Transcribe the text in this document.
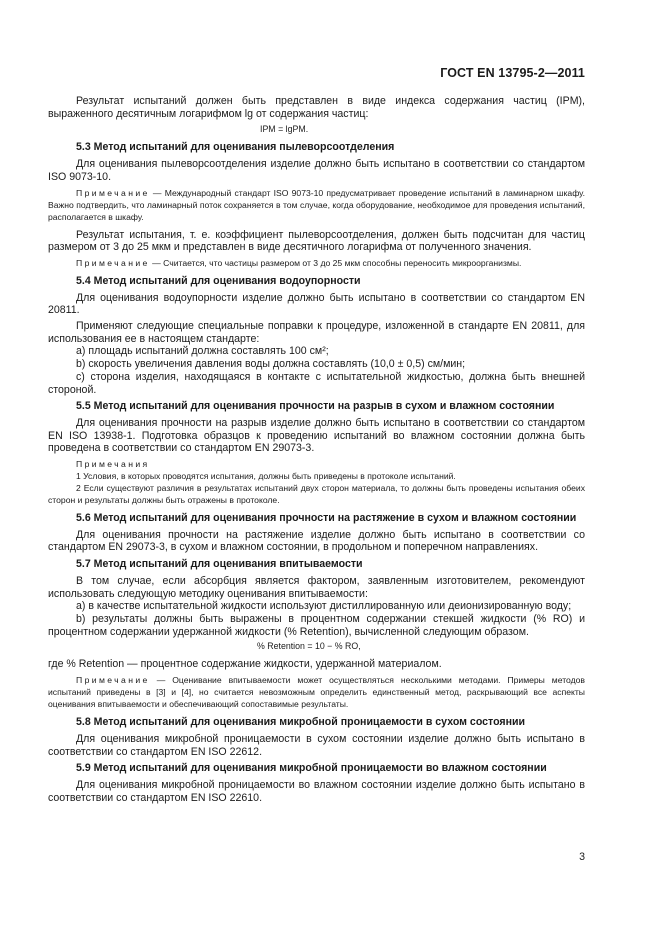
ГОСТ EN 13795-2—2011

Результат испытаний должен быть представлен в виде индекса содержания частиц (IPM), выраженного десятичным логарифмом lg от содержания частиц:

IPM = lgPM.

5.3 Метод испытаний для оценивания пылеворсоотделения

Для оценивания пылеворсоотделения изделие должно быть испытано в соответствии со стандартом ISO 9073-10.

Примечание — Международный стандарт ISO 9073-10 предусматривает проведение испытаний в ламинарном шкафу. Важно подтвердить, что ламинарный поток сохраняется в том случае, когда оборудование, необходимое для проведения испытаний, располагается в шкафу.

Результат испытания, т. е. коэффициент пылеворсоотделения, должен быть подсчитан для частиц размером от 3 до 25 мкм и представлен в виде десятичного логарифма от полученного значения.

Примечание — Считается, что частицы размером от 3 до 25 мкм способны переносить микроорганизмы.

5.4 Метод испытаний для оценивания водоупорности

Для оценивания водоупорности изделие должно быть испытано в соответствии со стандартом EN 20811.

Применяют следующие специальные поправки к процедуре, изложенной в стандарте EN 20811, для использования ее в настоящем стандарте:

a) площадь испытаний должна составлять 100 см²;

b) скорость увеличения давления воды должна составлять (10,0 ± 0,5) см/мин;

c) сторона изделия, находящаяся в контакте с испытательной жидкостью, должна быть внешней стороной.

5.5 Метод испытаний для оценивания прочности на разрыв в сухом и влажном состоянии

Для оценивания прочности на разрыв изделие должно быть испытано в соответствии со стандартом EN ISO 13938-1. Подготовка образцов к проведению испытаний во влажном состоянии должна быть проведена в соответствии со стандартом EN 29073-3.

Примечания

1 Условия, в которых проводятся испытания, должны быть приведены в протоколе испытаний.

2 Если существуют различия в результатах испытаний двух сторон материала, то должны быть проведены испытания обеих сторон и результаты должны быть отражены в протоколе.

5.6 Метод испытаний для оценивания прочности на растяжение в сухом и влажном состоянии

Для оценивания прочности на растяжение изделие должно быть испытано в соответствии со стандартом EN 29073-3, в сухом и влажном состоянии, в продольном и поперечном направлениях.

5.7 Метод испытаний для оценивания впитываемости

В том случае, если абсорбция является фактором, заявленным изготовителем, рекомендуют использовать следующую методику оценивания впитываемости:

a) в качестве испытательной жидкости используют дистиллированную или деионизированную воду;

b) результаты должны быть выражены в процентном содержании стекшей жидкости (% RO) и процентном содержании удержанной жидкости (% Retention), вычисленной следующим образом.

% Retention = 10 − % RO,

где % Retention — процентное содержание жидкости, удержанной материалом.

Примечание — Оценивание впитываемости может осуществляться несколькими методами. Примеры методов испытаний приведены в [3] и [4], но считается невозможным определить единственный метод, раскрывающий все аспекты оценивания впитываемости и обеспечивающий сопоставимые результаты.

5.8 Метод испытаний для оценивания микробной проницаемости в сухом состоянии

Для оценивания микробной проницаемости в сухом состоянии изделие должно быть испытано в соответствии со стандартом EN ISO 22612.

5.9 Метод испытаний для оценивания микробной проницаемости во влажном состоянии

Для оценивания микробной проницаемости во влажном состоянии изделие должно быть испытано в соответствии со стандартом EN ISO 22610.

3
